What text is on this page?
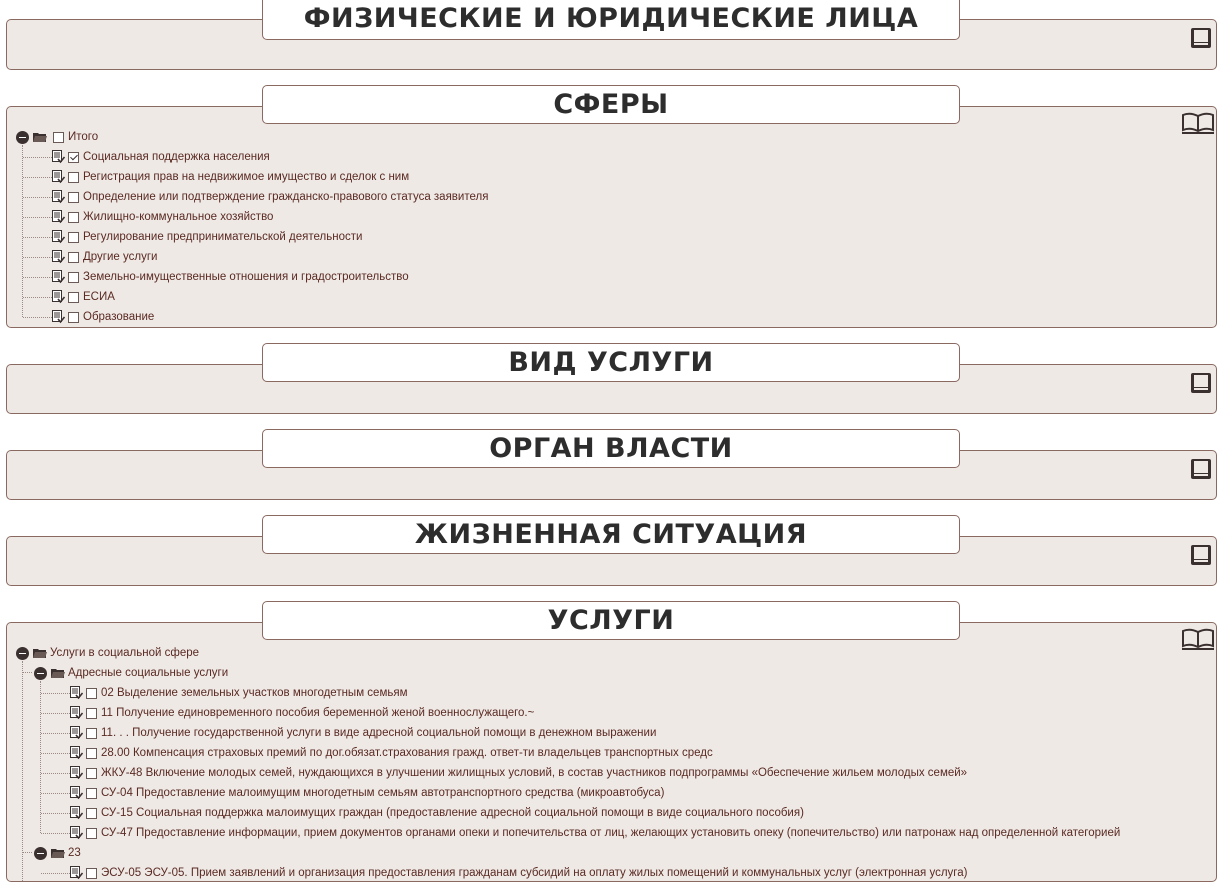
ФИЗИЧЕСКИЕ И ЮРИДИЧЕСКИЕ ЛИЦА
Итого
Социальная поддержка населения
Регистрация прав на недвижимое имущество и сделок с ним
Определение или подтверждение гражданско-правового статуса заявителя
Жилищно-коммунальное хозяйство
Регулирование предпринимательской деятельности
Другие услуги
Земельно-имущественные отношения и градостроительство
ЕСИА
Образование
СФЕРЫ
ВИД УСЛУГИ
ОРГАН ВЛАСТИ
ЖИЗНЕННАЯ СИТУАЦИЯ
Услуги в социальной сфере
Адресные социальные услуги
02 Выделение земельных участков многодетным семьям
11 Получение единовременного пособия беременной женой военнослужащего.~
11. . . Получение государственной услуги в виде адресной социальной помощи в денежном выражении
28.00 Компенсация страховых премий по дог.обязат.страхования гражд. ответ-ти владельцев транспортных средс
ЖКУ-48 Включение молодых семей, нуждающихся в улучшении жилищных условий, в состав участников подпрограммы «Обеспечение жильем молодых семей»
СУ-04 Предоставление малоимущим многодетным семьям автотранспортного средства (микроавтобуса)
СУ-15 Социальная поддержка малоимущих граждан (предоставление адресной социальной помощи в виде социального пособия)
СУ-47 Предоставление информации, прием документов органами опеки и попечительства от лиц, желающих установить опеку (попечительство) или патронаж над определенной категорией
23
ЭСУ-05 ЭСУ-05. Прием заявлений и организация предоставления гражданам субсидий на оплату жилых помещений и коммунальных услуг (электронная услуга)
УСЛУГИ
